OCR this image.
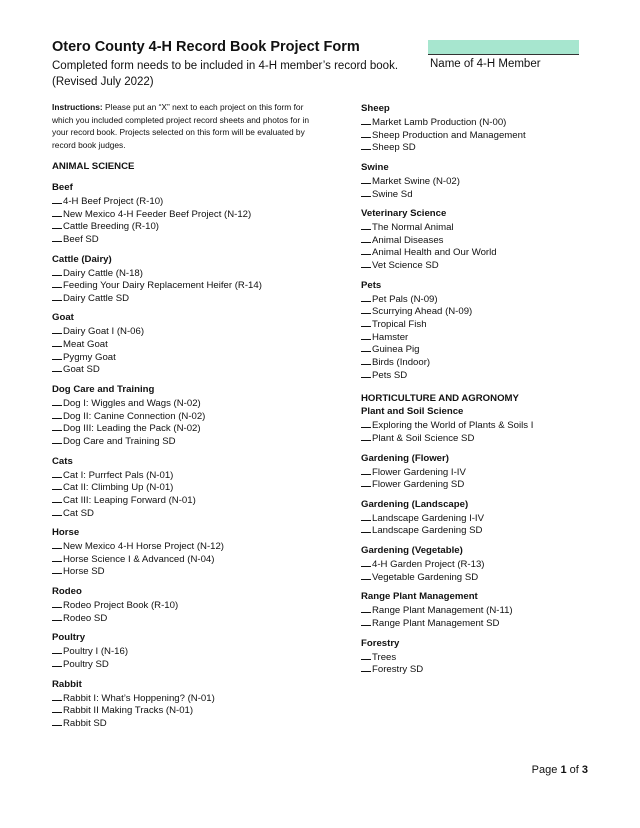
Otero County 4-H Record Book Project Form
Completed form needs to be included in 4-H member’s record book.
(Revised July 2022)
Name of 4-H Member
Instructions: Please put an “X” next to each project on this form for which you included completed project record sheets and photos for in your record book. Projects selected on this form will be evaluated by record book judges.
ANIMAL SCIENCE
Beef
4-H Beef Project (R-10)
New Mexico 4-H Feeder Beef Project (N-12)
Cattle Breeding (R-10)
Beef SD
Cattle (Dairy)
Dairy Cattle (N-18)
Feeding Your Dairy Replacement Heifer (R-14)
Dairy Cattle SD
Goat
Dairy Goat I (N-06)
Meat Goat
Pygmy Goat
Goat SD
Dog Care and Training
Dog I: Wiggles and Wags (N-02)
Dog II: Canine Connection (N-02)
Dog III: Leading the Pack (N-02)
Dog Care and Training SD
Cats
Cat I: Purrfect Pals (N-01)
Cat II: Climbing Up (N-01)
Cat III: Leaping Forward (N-01)
Cat SD
Horse
New Mexico 4-H Horse Project (N-12)
Horse Science I & Advanced (N-04)
Horse SD
Rodeo
Rodeo Project Book (R-10)
Rodeo SD
Poultry
Poultry I (N-16)
Poultry SD
Rabbit
Rabbit I: What’s Hoppening? (N-01)
Rabbit II Making Tracks (N-01)
Rabbit SD
Sheep
Market Lamb Production (N-00)
Sheep Production and Management
Sheep SD
Swine
Market Swine (N-02)
Swine Sd
Veterinary Science
The Normal Animal
Animal Diseases
Animal Health and Our World
Vet Science SD
Pets
Pet Pals (N-09)
Scurrying Ahead (N-09)
Tropical Fish
Hamster
Guinea Pig
Birds (Indoor)
Pets SD
HORTICULTURE AND AGRONOMY
Plant and Soil Science
Exploring the World of Plants & Soils I
Plant & Soil Science SD
Gardening (Flower)
Flower Gardening I-IV
Flower Gardening SD
Gardening (Landscape)
Landscape Gardening I-IV
Landscape Gardening SD
Gardening (Vegetable)
4-H Garden Project (R-13)
Vegetable Gardening SD
Range Plant Management
Range Plant Management (N-11)
Range Plant Management SD
Forestry
Trees
Forestry SD
Page 1 of 3
